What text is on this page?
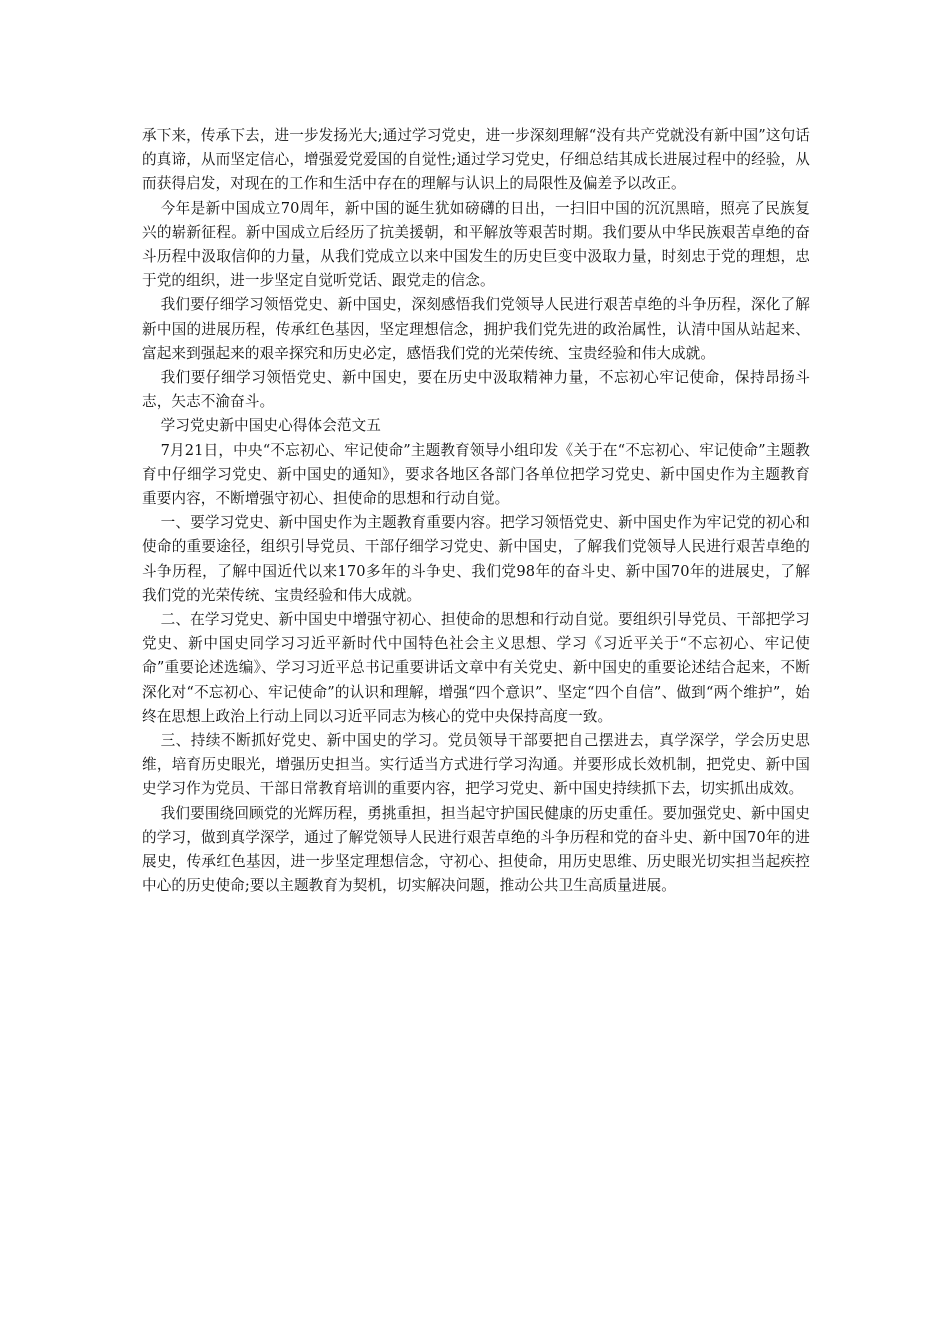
承下来，传承下去，进一步发扬光大;通过学习党史，进一步深刻理解“没有共产党就没有新中国”这句话的真谛，从而坚定信心，增强爱党爱国的自觉性;通过学习党史，仔细总结其成长进展过程中的经验，从而获得启发，对现在的工作和生活中存在的理解与认识上的局限性及偏差予以改正。

今年是新中国成立70周年，新中国的诞生犹如磅礴的日出，一扫旧中国的沉沉黑暗，照亮了民族复兴的崭新征程。新中国成立后经历了抗美援朝，和平解放等艰苦时期。我们要从中华民族艰苦卓绝的奋斗历程中汲取信仰的力量，从我们党成立以来中国发生的历史巨变中汲取力量，时刻忠于党的理想，忠于党的组织，进一步坚定自觉听党话、跟党走的信念。

我们要仔细学习领悟党史、新中国史，深刻感悟我们党领导人民进行艰苦卓绝的斗争历程，深化了解新中国的进展历程，传承红色基因，坚定理想信念，拥护我们党先进的政治属性，认清中国从站起来、富起来到强起来的艰辛探究和历史必定，感悟我们党的光荣传统、宝贵经验和伟大成就。

我们要仔细学习领悟党史、新中国史，要在历史中汲取精神力量，不忘初心牢记使命，保持昂扬斗志，矢志不渝奋斗。

学习党史新中国史心得体会范文五

7月21日，中央“不忘初心、牢记使命”主题教育领导小组印发《关于在“不忘初心、牢记使命”主题教育中仔细学习党史、新中国史的通知》，要求各地区各部门各单位把学习党史、新中国史作为主题教育重要内容，不断增强守初心、担使命的思想和行动自觉。

一、要学习党史、新中国史作为主题教育重要内容。把学习领悟党史、新中国史作为牢记党的初心和使命的重要途径，组织引导党员、干部仔细学习党史、新中国史，了解我们党领导人民进行艰苦卓绝的斗争历程，了解中国近代以来170多年的斗争史、我们党98年的奋斗史、新中国70年的进展史，了解我们党的光荣传统、宝贵经验和伟大成就。

二、在学习党史、新中国史中增强守初心、担使命的思想和行动自觉。要组织引导党员、干部把学习党史、新中国史同学习习近平新时代中国特色社会主义思想、学习《习近平关于“不忘初心、牢记使命”重要论述选编》、学习习近平总书记重要讲话文章中有关党史、新中国史的重要论述结合起来，不断深化对“不忘初心、牢记使命”的认识和理解，增强“四个意识”、坚定“四个自信”、做到“两个维护”，始终在思想上政治上行动上同以习近平同志为核心的党中央保持高度一致。

三、持续不断抓好党史、新中国史的学习。党员领导干部要把自己摆进去，真学深学，学会历史思维，培育历史眼光，增强历史担当。实行适当方式进行学习沟通。并要形成长效机制，把党史、新中国史学习作为党员、干部日常教育培训的重要内容，把学习党史、新中国史持续抓下去，切实抓出成效。

我们要围绕回顾党的光辉历程，勇挑重担，担当起守护国民健康的历史重任。要加强党史、新中国史的学习，做到真学深学，通过了解党领导人民进行艰苦卓绝的斗争历程和党的奋斗史、新中国70年的进展史，传承红色基因，进一步坚定理想信念，守初心、担使命，用历史思维、历史眼光切实担当起疾控中心的历史使命;要以主题教育为契机，切实解决问题，推动公共卫生高质量进展。
